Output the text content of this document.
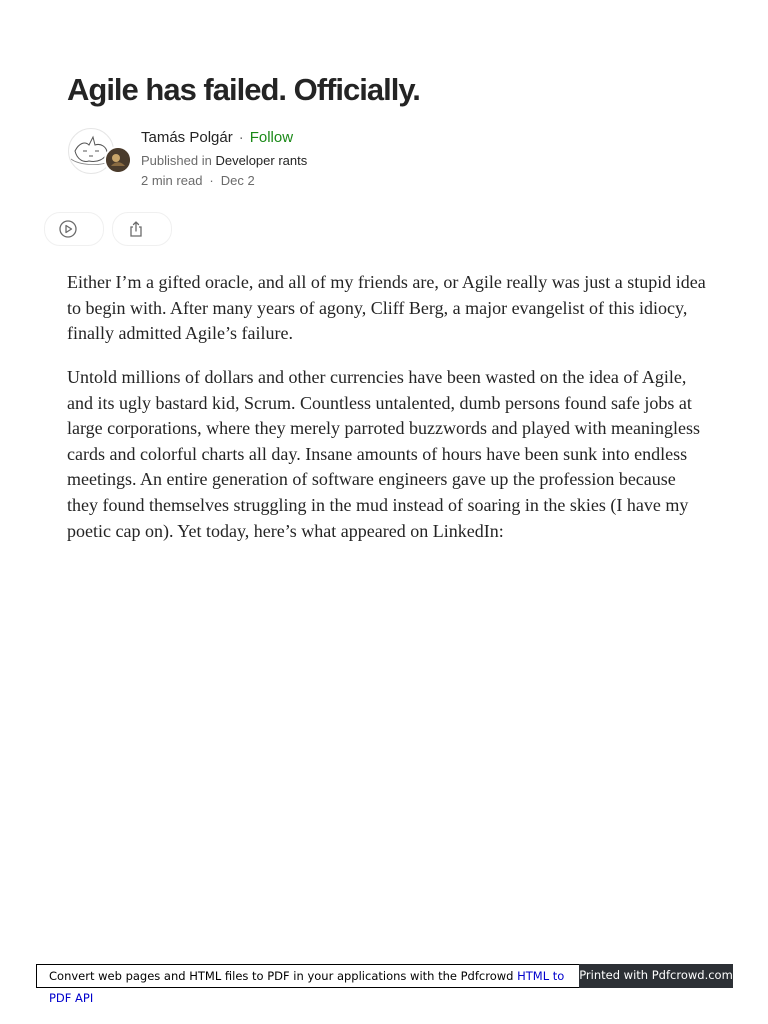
Agile has failed. Officially.
Tamás Polgár · Follow
Published in Developer rants
2 min read · Dec 2

Either I’m a gifted oracle, and all of my friends are, or Agile really was just a stupid idea to begin with. After many years of agony, Cliff Berg, a major evangelist of this idiocy, finally admitted Agile’s failure.

Untold millions of dollars and other currencies have been wasted on the idea of Agile, and its ugly bastard kid, Scrum. Countless untalented, dumb persons found safe jobs at large corporations, where they merely parroted buzzwords and played with meaningless cards and colorful charts all day. Insane amounts of hours have been sunk into endless meetings. An entire generation of software engineers gave up the profession because they found themselves struggling in the mud instead of soaring in the skies (I have my poetic cap on). Yet today, here’s what appeared on LinkedIn:

Convert web pages and HTML files to PDF in your applications with the Pdfcrowd HTML to PDF API
Printed with Pdfcrowd.com
